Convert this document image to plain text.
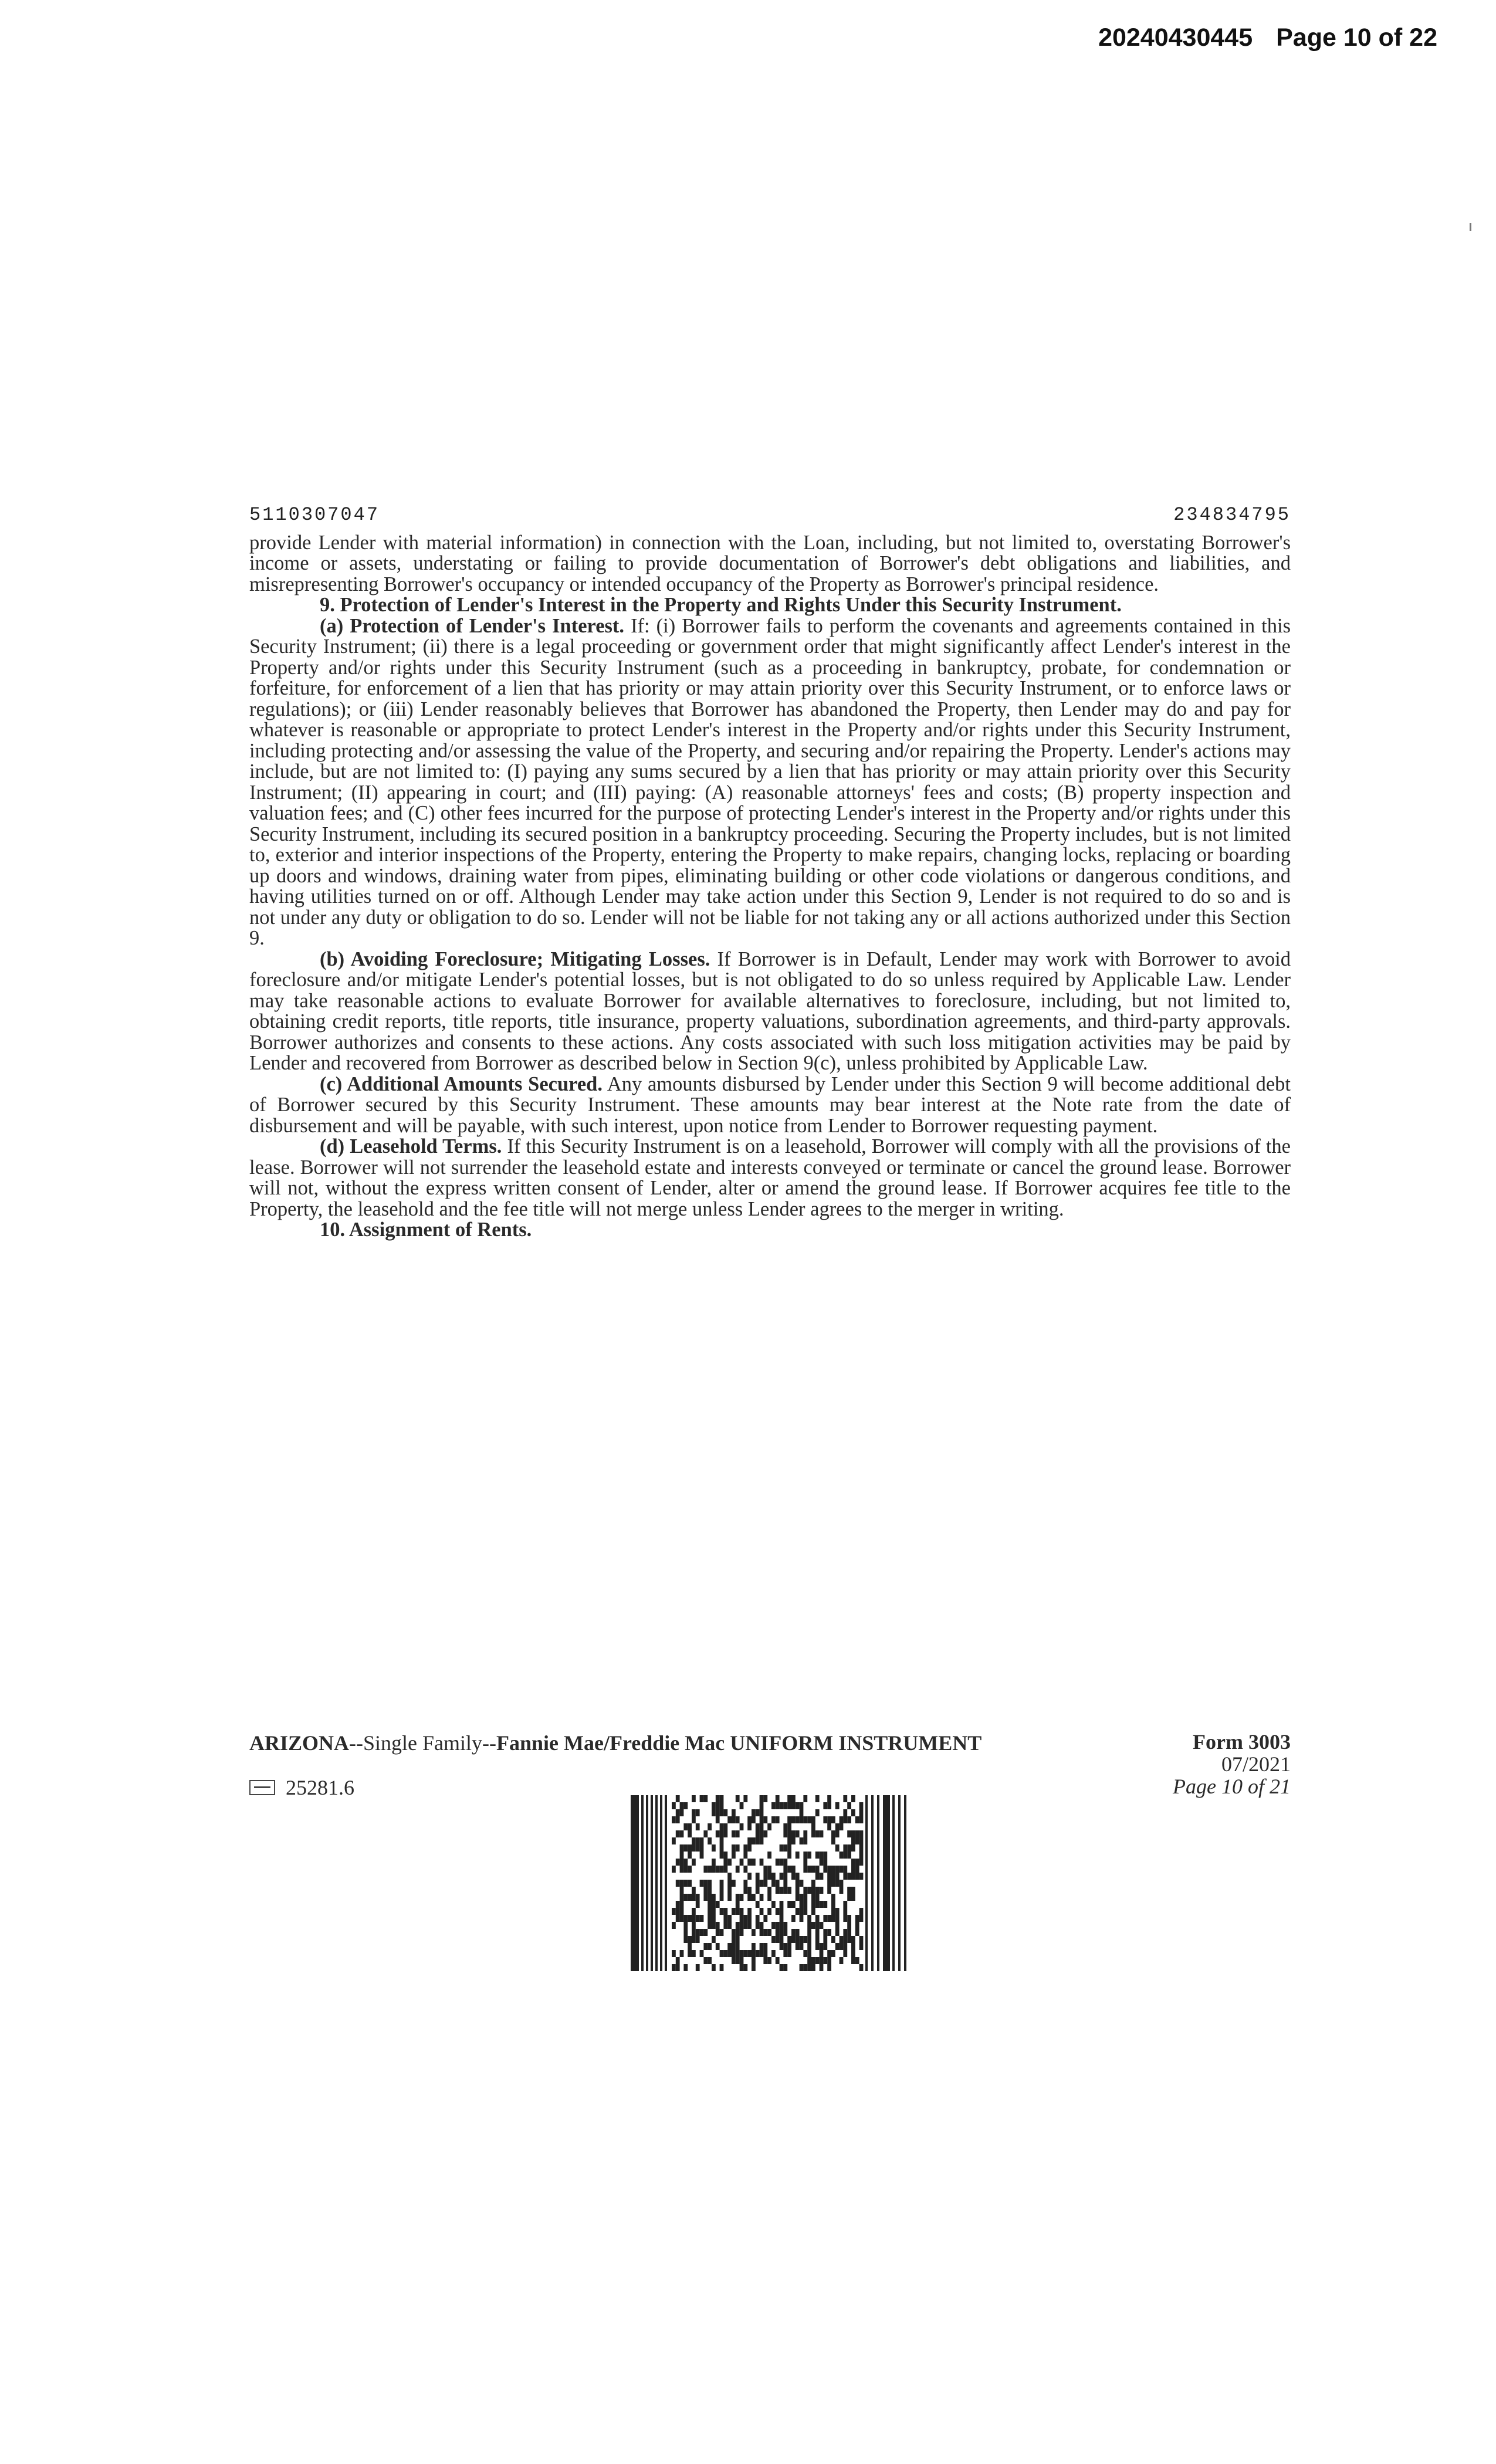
20240430445 Page 10 of 22
5110307047	234834795

provide Lender with material information) in connection with the Loan, including, but not limited to, overstating Borrower's income or assets, understating or failing to provide documentation of Borrower's debt obligations and liabilities, and misrepresenting Borrower's occupancy or intended occupancy of the Property as Borrower's principal residence.

9. Protection of Lender's Interest in the Property and Rights Under this Security Instrument.

(a) Protection of Lender's Interest. If: (i) Borrower fails to perform the covenants and agreements contained in this Security Instrument; (ii) there is a legal proceeding or government order that might significantly affect Lender's interest in the Property and/or rights under this Security Instrument (such as a proceeding in bankruptcy, probate, for condemnation or forfeiture, for enforcement of a lien that has priority or may attain priority over this Security Instrument, or to enforce laws or regulations); or (iii) Lender reasonably believes that Borrower has abandoned the Property, then Lender may do and pay for whatever is reasonable or appropriate to protect Lender's interest in the Property and/or rights under this Security Instrument, including protecting and/or assessing the value of the Property, and securing and/or repairing the Property. Lender's actions may include, but are not limited to: (I) paying any sums secured by a lien that has priority or may attain priority over this Security Instrument; (II) appearing in court; and (III) paying: (A) reasonable attorneys' fees and costs; (B) property inspection and valuation fees; and (C) other fees incurred for the purpose of protecting Lender's interest in the Property and/or rights under this Security Instrument, including its secured position in a bankruptcy proceeding. Securing the Property includes, but is not limited to, exterior and interior inspections of the Property, entering the Property to make repairs, changing locks, replacing or boarding up doors and windows, draining water from pipes, eliminating building or other code violations or dangerous conditions, and having utilities turned on or off. Although Lender may take action under this Section 9, Lender is not required to do so and is not under any duty or obligation to do so. Lender will not be liable for not taking any or all actions authorized under this Section 9.

(b) Avoiding Foreclosure; Mitigating Losses. If Borrower is in Default, Lender may work with Borrower to avoid foreclosure and/or mitigate Lender's potential losses, but is not obligated to do so unless required by Applicable Law. Lender may take reasonable actions to evaluate Borrower for available alternatives to foreclosure, including, but not limited to, obtaining credit reports, title reports, title insurance, property valuations, subordination agreements, and third-party approvals. Borrower authorizes and consents to these actions. Any costs associated with such loss mitigation activities may be paid by Lender and recovered from Borrower as described below in Section 9(c), unless prohibited by Applicable Law.

(c) Additional Amounts Secured. Any amounts disbursed by Lender under this Section 9 will become additional debt of Borrower secured by this Security Instrument. These amounts may bear interest at the Note rate from the date of disbursement and will be payable, with such interest, upon notice from Lender to Borrower requesting payment.

(d) Leasehold Terms. If this Security Instrument is on a leasehold, Borrower will comply with all the provisions of the lease. Borrower will not surrender the leasehold estate and interests conveyed or terminate or cancel the ground lease. Borrower will not, without the express written consent of Lender, alter or amend the ground lease. If Borrower acquires fee title to the Property, the leasehold and the fee title will not merge unless Lender agrees to the merger in writing.

10. Assignment of Rents.

ARIZONA--Single Family--Fannie Mae/Freddie Mac UNIFORM INSTRUMENT	Form 3003
07/2021
Page 10 of 21
25281.6
